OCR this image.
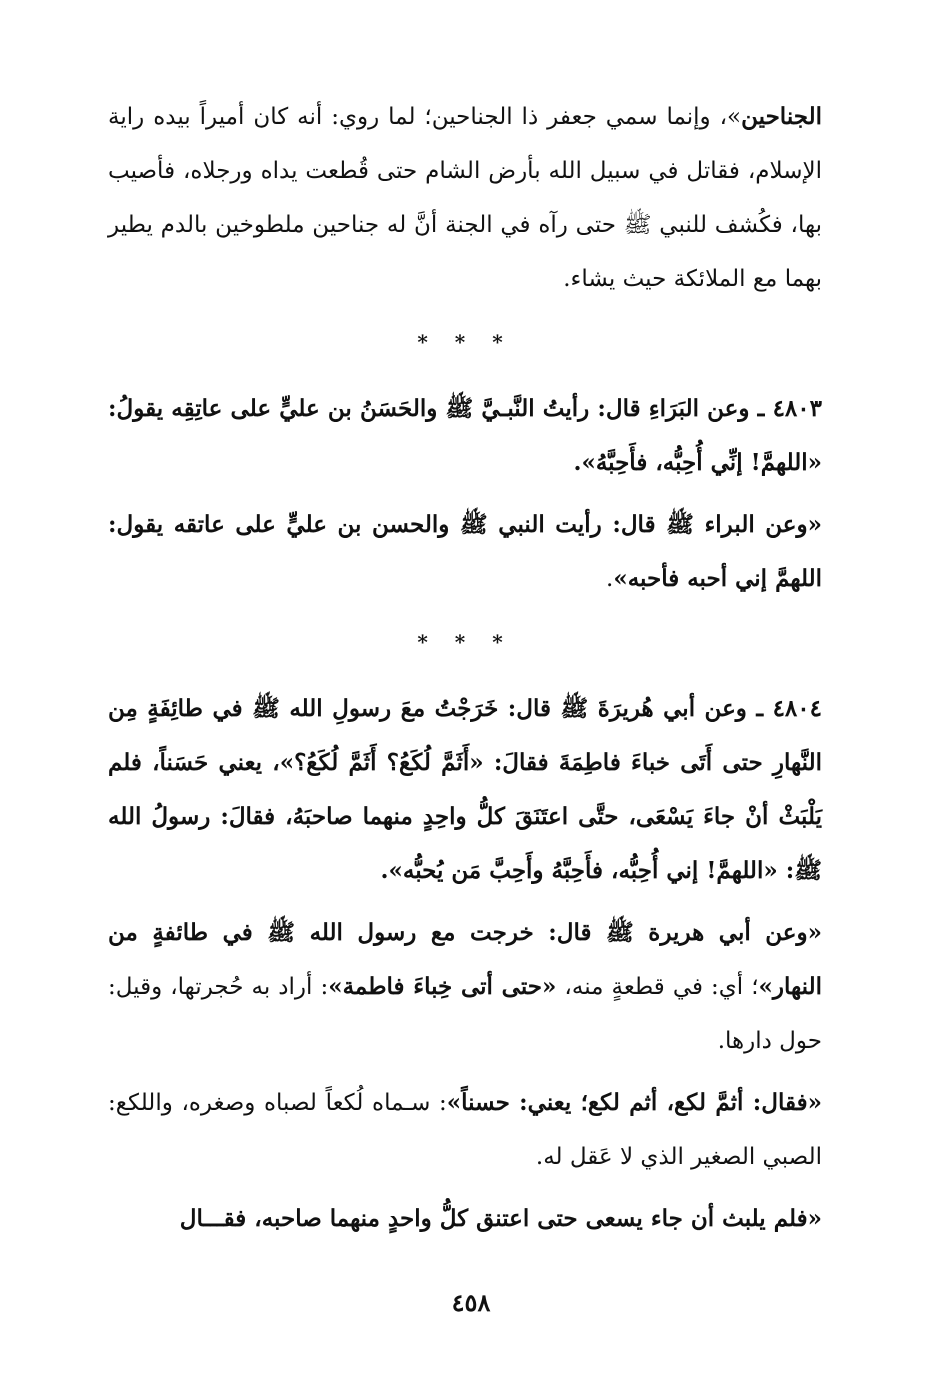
الجناحين»، وإنما سمي جعفر ذا الجناحين؛ لما روي: أنه كان أميراً بيده راية الإسلام، فقاتل في سبيل الله بأرض الشام حتى قُطعت يداه ورجلاه، فأصيب بها، فكُشف للنبي ﷺ حتى رآه في الجنة أنَّ له جناحين ملطوخين بالدم يطير بهما مع الملائكة حيث يشاء.

* * *

٤٨٠٣ ـ وعن البَرَاءِ قال: رأيتُ النَّبـيَّ ﷺ والحَسَنُ بن عليٍّ على عاتِقِه يقولُ: «اللهمَّ! إنِّي أُحِبُّه، فأَحِبَّهُ».

«وعن البراء ﷺ قال: رأيت النبي ﷺ والحسن بن عليٍّ على عاتقه يقول: اللهمَّ إني أحبه فأحبه».

* * *

٤٨٠٤ ـ وعن أبي هُريرَةَ ﷺ قال: خَرَجْتُ معَ رسولِ الله ﷺ في طائِفَةٍ مِن النَّهارِ حتى أَتَى خباءَ فاطِمَةَ فقالَ: «أَثَمَّ لُكَعُ؟ أَثَمَّ لُكَعُ؟»، يعني حَسَناً، فلم يَلْبَثْ أنْ جاءَ يَسْعَى، حتَّى اعتَنَقَ كلُّ واحِدٍ منهما صاحبَهُ، فقالَ: رسولُ الله ﷺ: «اللهمَّ! إني أُحِبُّه، فأَحِبَّهُ وأَحِبَّ مَن يُحبُّه».

«وعن أبي هريرة ﷺ قال: خرجت مع رسول الله ﷺ في طائفةٍ من النهار»؛ أي: في قطعةٍ منه، «حتى أتى خِباءَ فاطمة»: أراد به حُجرتها، وقيل: حول دارها.

«فقال: أثمَّ لكع، أثم لكع؛ يعني: حسناً»: سـماه لُكعاً لصباه وصغره، واللكع: الصبي الصغير الذي لا عَقل له.

«فلم يلبث أن جاء يسعى حتى اعتنق كلُّ واحدٍ منهما صاحبه، فقـــال

٤٥٨
